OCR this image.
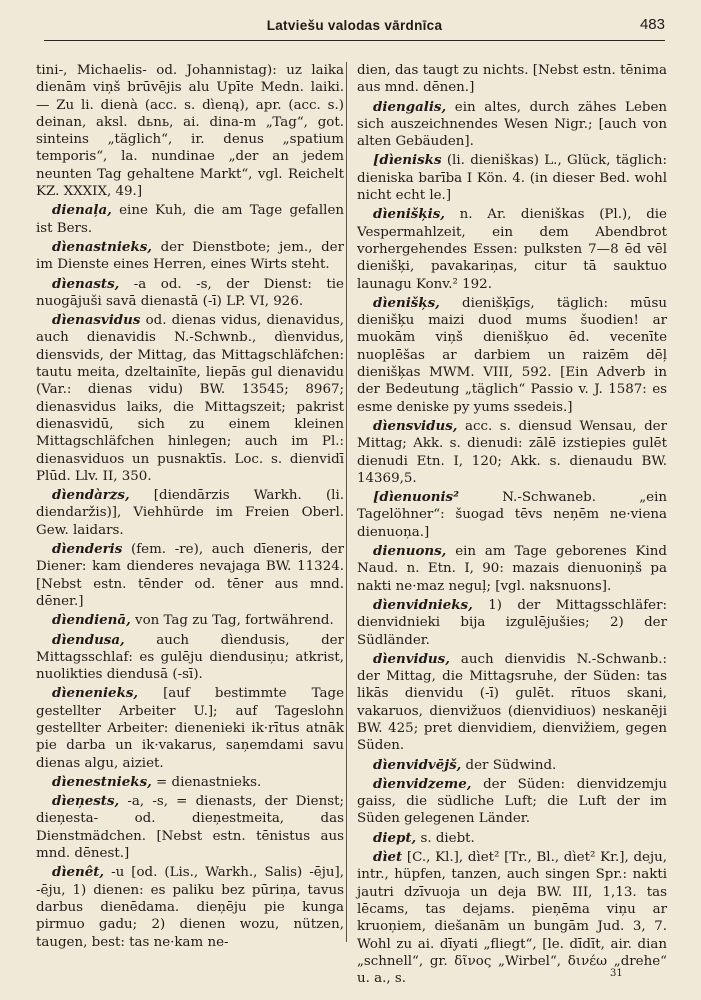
Latviešu valodas vārdnīca	483

tini-, Michaelis- od. Johannistag): uz laika dienām viņš brūvējis alu Upīte Medn. laiki. — Zu li. dienà (acc. s. dìeną), apr. (acc. s.) deinan, aksl. dьnь, ai. dina-m „Tag“, got. sinteins „täglich“, ir. denus „spatium temporis“, la. nundinae „der an jedem neunten Tag gehaltene Markt“, vgl. Reichelt KZ. XXXIX, 49.]

dienaļa, eine Kuh, die am Tage gefallen ist Bers.

dìenastnieks, der Dienstbote; jem., der im Dienste eines Herren, eines Wirts steht.

dìenasts, -a od. -s, der Dienst: tie nuogājuši savā dienastā (-ī) LP. VI, 926.

dìenasvidus od. dienas vidus, dienavidus, auch dienavidis N.-Schwnb., dìenvidus, diensvids, der Mittag, das Mittagschläfchen: tautu meita, dzeltainīte, liepās gul dienavidu (Var.: dienas vidu) BW. 13545; 8967; dienasvidus laiks, die Mittagszeit; pakrist dienasvidū, sich zu einem kleinen Mittagschläfchen hinlegen; auch im Pl.: dienasviduos un pusnaktīs. Loc. s. dienvidī Plūd. Llv. II, 350.

dìendàrzs, [diendārzis Warkh. (li. diendaržis)], Viehhürde im Freien Oberl. Gew. laidars.

dìenderis (fem. -re), auch dīeneris, der Diener: kam dienderes nevajaga BW. 11324. [Nebst estn. tēnder od. tēner aus mnd. dēner.]

dìendienā, von Tag zu Tag, fortwährend.

dìendusa, auch dìendusis, der Mittagsschlaf: es gulēju diendusiņu; atkrist, nuolikties diendusā (-sī).

dìenenieks, [auf bestimmte Tage gestellter Arbeiter U.]; auf Tageslohn gestellter Arbeiter: dienenieki ik·rītus atnāk pie darba un ik·vakarus, saņemdami savu dienas algu, aiziet.

dìenestnieks, = dienastnieks.

dìeņests, -a, -s, = dienasts, der Dienst; dieņesta- od. dieņestmeita, das Dienstmädchen. [Nebst estn. tēnistus aus mnd. dēnest.]

dìenêt, -u [od. (Lis., Warkh., Salis) -ēju], -ēju, 1) dienen: es paliku bez pūriņa, tavus darbus dienēdama. dieņēju pie kunga pirmuo gadu; 2) dienen wozu, nützen, taugen, best: tas ne·kam ne-

dien, das taugt zu nichts. [Nebst estn. tēnima aus mnd. dēnen.]

diengalis, ein altes, durch zähes Leben sich auszeichnendes Wesen Nigr.; [auch von alten Gebäuden].

[dìenisks (li. dieniškas) L., Glück, täglich: dieniska barība I Kön. 4. (in dieser Bed. wohl nicht echt le.]

dìenišķis, n. Ar. dieniškas (Pl.), die Vespermahlzeit, ein dem Abendbrot vorhergehendes Essen: pulksten 7—8 ēd vēl dienišķi, pavakariņas, citur tā sauktuo launagu Konv.² 192.

dìenišķs, dienišķīgs, täglich: mūsu dienišķu maizi duod mums šuodien! ar muokām viņš dienišķuo ēd. vecenīte nuoplēšas ar darbiem un raizēm dēļ dienišķas MWM. VIII, 592. [Ein Adverb in der Bedeutung „täglich“ Passio v. J. 1587: es esme deniske py yums ssedeis.]

dìensvidus, acc. s. diensud Wensau, der Mittag; Akk. s. dienudi: zālē izstiepies gulēt dienudi Etn. I, 120; Akk. s. dienaudu BW. 14369,5.

[dìenuonis² N.-Schwaneb. „ein Tagelöhner“: šuogad tēvs neņēm ne·viena dienuoņa.]

dienuons, ein am Tage geborenes Kind Naud. n. Etn. I, 90: mazais dienuoniņš pa nakti ne·maz neguļ; [vgl. naksnuons].

dìenvidnieks, 1) der Mittagsschläfer: dienvidnieki bija izgulējušies; 2) der Südländer.

dìenvidus, auch dienvidis N.-Schwanb.: der Mittag, die Mittagsruhe, der Süden: tas likās dienvidu (-ī) gulēt. rītuos skani, vakaruos, dienvižuos (dienvidiuos) neskanēji BW. 425; pret dienvidiem, dienvižiem, gegen Süden.

dìenvidvējš, der Südwind.

dìenvidzeme, der Süden: dienvidzemju gaiss, die südliche Luft; die Luft der im Süden gelegenen Länder.

diept, s. diebt.

dìet [C., Kl.], dìet² [Tr., Bl., dìet² Kr.], deju, intr., hüpfen, tanzen, auch singen Spr.: nakti jautri dzīvuoja un deja BW. III, 1,13. tas lēcams, tas dejams. pieņēma viņu ar kruoņiem, diešanām un bungām Jud. 3, 7. Wohl zu ai. dīyati „fliegt“, [le. dīdīt, air. dian „schnell“, gr. δῖνος „Wirbel“, δινέω „drehe“ u. a., s.	31
